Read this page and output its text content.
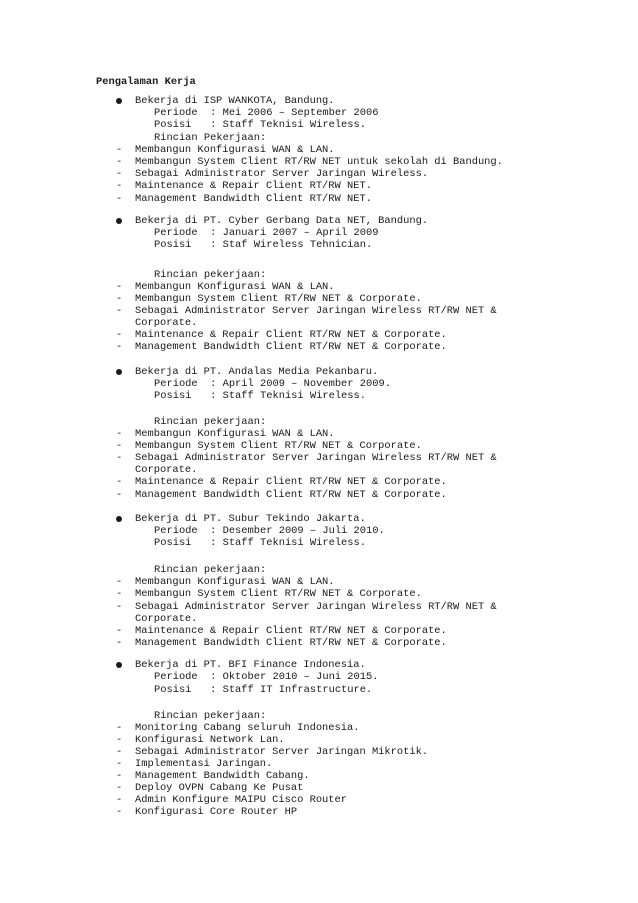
Pengalaman Kerja
Bekerja di ISP WANKOTA, Bandung.
Periode  : Mei 2006 – September 2006
Posisi   : Staff Teknisi Wireless.
Rincian Pekerjaan:
- Membangun Konfigurasi WAN & LAN.
- Membangun System Client RT/RW NET untuk sekolah di Bandung.
- Sebagai Administrator Server Jaringan Wireless.
- Maintenance & Repair Client RT/RW NET.
- Management Bandwidth Client RT/RW NET.
Bekerja di PT. Cyber Gerbang Data NET, Bandung.
Periode  : Januari 2007 – April 2009
Posisi   : Staf Wireless Tehnician.
Rincian pekerjaan:
- Membangun Konfigurasi WAN & LAN.
- Membangun System Client RT/RW NET & Corporate.
- Sebagai Administrator Server Jaringan Wireless RT/RW NET &
Corporate.
- Maintenance & Repair Client RT/RW NET & Corporate.
- Management Bandwidth Client RT/RW NET & Corporate.
Bekerja di PT. Andalas Media Pekanbaru.
Periode  : April 2009 – November 2009.
Posisi   : Staff Teknisi Wireless.
Rincian pekerjaan:
- Membangun Konfigurasi WAN & LAN.
- Membangun System Client RT/RW NET & Corporate.
- Sebagai Administrator Server Jaringan Wireless RT/RW NET &
Corporate.
- Maintenance & Repair Client RT/RW NET & Corporate.
- Management Bandwidth Client RT/RW NET & Corporate.
Bekerja di PT. Subur Tekindo Jakarta.
Periode  : Desember 2009 – Juli 2010.
Posisi   : Staff Teknisi Wireless.
Rincian pekerjaan:
- Membangun Konfigurasi WAN & LAN.
- Membangun System Client RT/RW NET & Corporate.
- Sebagai Administrator Server Jaringan Wireless RT/RW NET &
Corporate.
- Maintenance & Repair Client RT/RW NET & Corporate.
- Management Bandwidth Client RT/RW NET & Corporate.
Bekerja di PT. BFI Finance Indonesia.
Periode  : Oktober 2010 – Juni 2015.
Posisi   : Staff IT Infrastructure.
Rincian pekerjaan:
- Monitoring Cabang seluruh Indonesia.
- Konfigurasi Network Lan.
- Sebagai Administrator Server Jaringan Mikrotik.
- Implementasi Jaringan.
- Management Bandwidth Cabang.
- Deploy OVPN Cabang Ke Pusat
- Admin Konfigure MAIPU Cisco Router
- Konfigurasi Core Router HP
